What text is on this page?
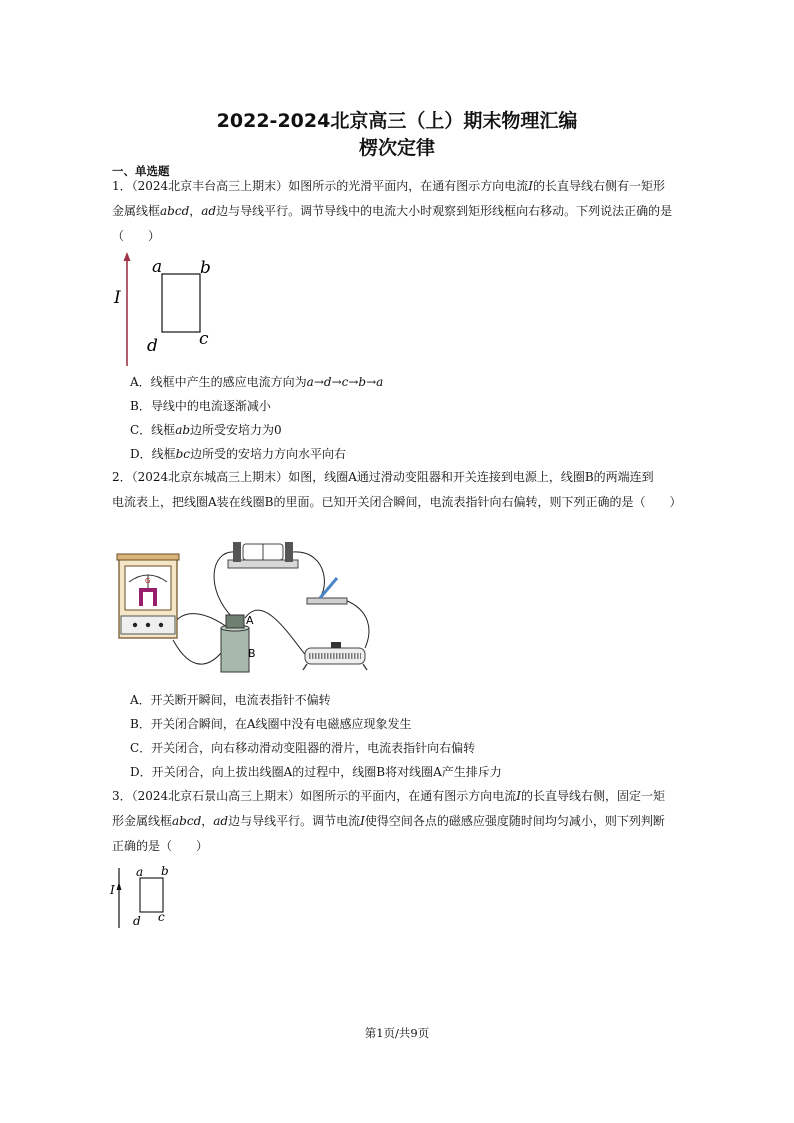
2022-2024北京高三（上）期末物理汇编
楞次定律
一、单选题
1．（2024北京丰台高三上期末）如图所示的光滑平面内，在通有图示方向电流I的长直导线右侧有一矩形
金属线框abcd，ad边与导线平行。调节导线中的电流大小时观察到矩形线框向右移动。下列说法正确的是
（　　）
I
a b
c
d
A．线框中产生的感应电流方向为a→d→c→b→a
B．导线中的电流逐渐减小
C．线框ab边所受安培力为0
D．线框bc边所受的安培力方向水平向右
2．（2024北京东城高三上期末）如图，线圈A通过滑动变阻器和开关连接到电源上，线圈B的两端连到
电流表上，把线圈A装在线圈B的里面。已知开关闭合瞬间，电流表指针向右偏转，则下列正确的是（　　）
G
A
B
A．开关断开瞬间，电流表指针不偏转
B．开关闭合瞬间，在A线圈中没有电磁感应现象发生
C．开关闭合，向右移动滑动变阻器的滑片，电流表指针向右偏转
D．开关闭合，向上拔出线圈A的过程中，线圈B将对线圈A产生排斥力
3．（2024北京石景山高三上期末）如图所示的平面内，在通有图示方向电流I的长直导线右侧，固定一矩
形金属线框abcd，ad边与导线平行。调节电流I使得空间各点的磁感应强度随时间均匀减小，则下列判断
正确的是（　　）
I
a b
c
d
第1页/共9页
